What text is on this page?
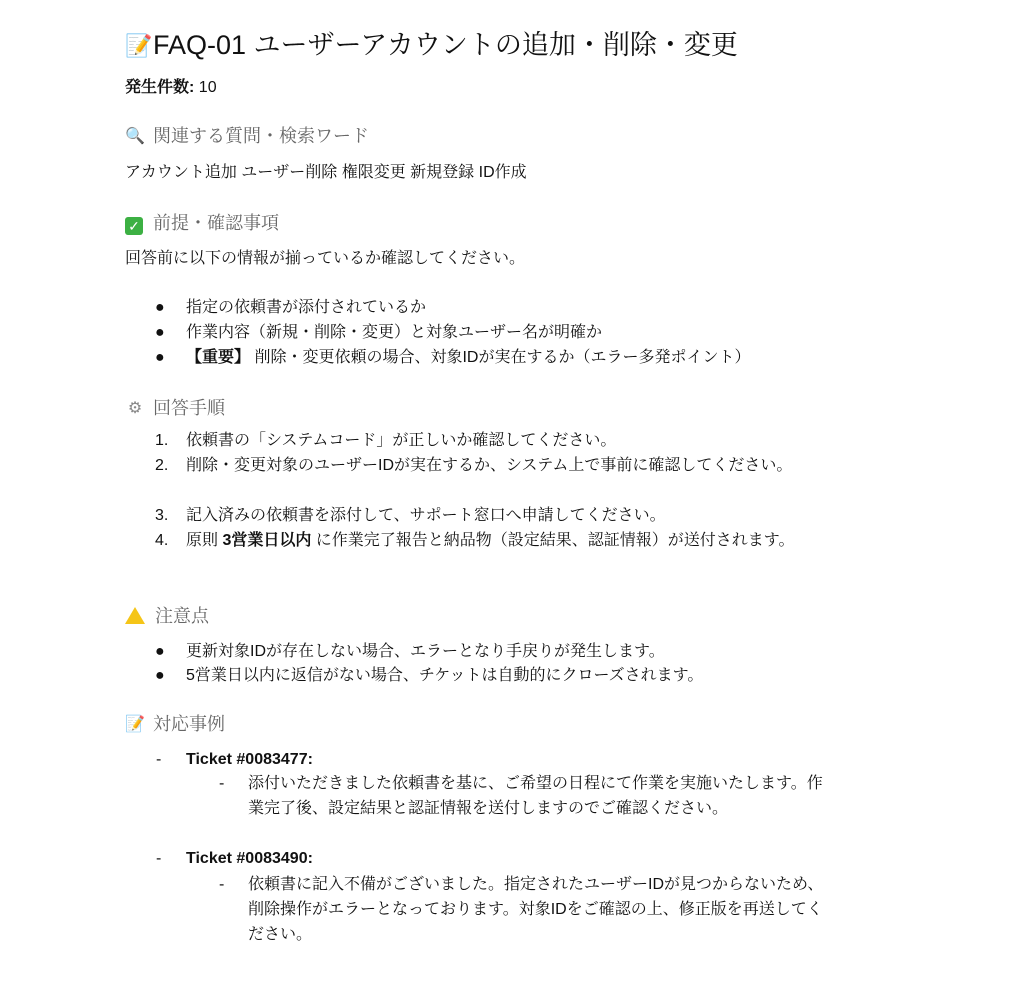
📝FAQ-01 ユーザーアカウントの追加・削除・変更
発生件数: 10
🔍 関連する質問・検索ワード
アカウント追加 ユーザー削除 権限変更 新規登録 ID作成
✓ 前提・確認事項
回答前に以下の情報が揃っているか確認してください。
● 指定の依頼書が添付されているか
● 作業内容（新規・削除・変更）と対象ユーザー名が明確か
● 【重要】 削除・変更依頼の場合、対象IDが実在するか（エラー多発ポイント）
⚙ 回答手順
1. 依頼書の「システムコード」が正しいか確認してください。
2. 削除・変更対象のユーザーIDが実在するか、システム上で事前に確認してください。
3. 記入済みの依頼書を添付して、サポート窓口へ申請してください。
4. 原則 3営業日以内 に作業完了報告と納品物（設定結果、認証情報）が送付されます。
注意点
● 更新対象IDが存在しない場合、エラーとなり手戻りが発生します。
● 5営業日以内に返信がない場合、チケットは自動的にクローズされます。
📝 対応事例
- Ticket #0083477:
- 添付いただきました依頼書を基に、ご希望の日程にて作業を実施いたします。作業完了後、設定結果と認証情報を送付しますのでご確認ください。
- Ticket #0083490:
- 依頼書に記入不備がございました。指定されたユーザーIDが見つからないため、削除操作がエラーとなっております。対象IDをご確認の上、修正版を再送してください。
